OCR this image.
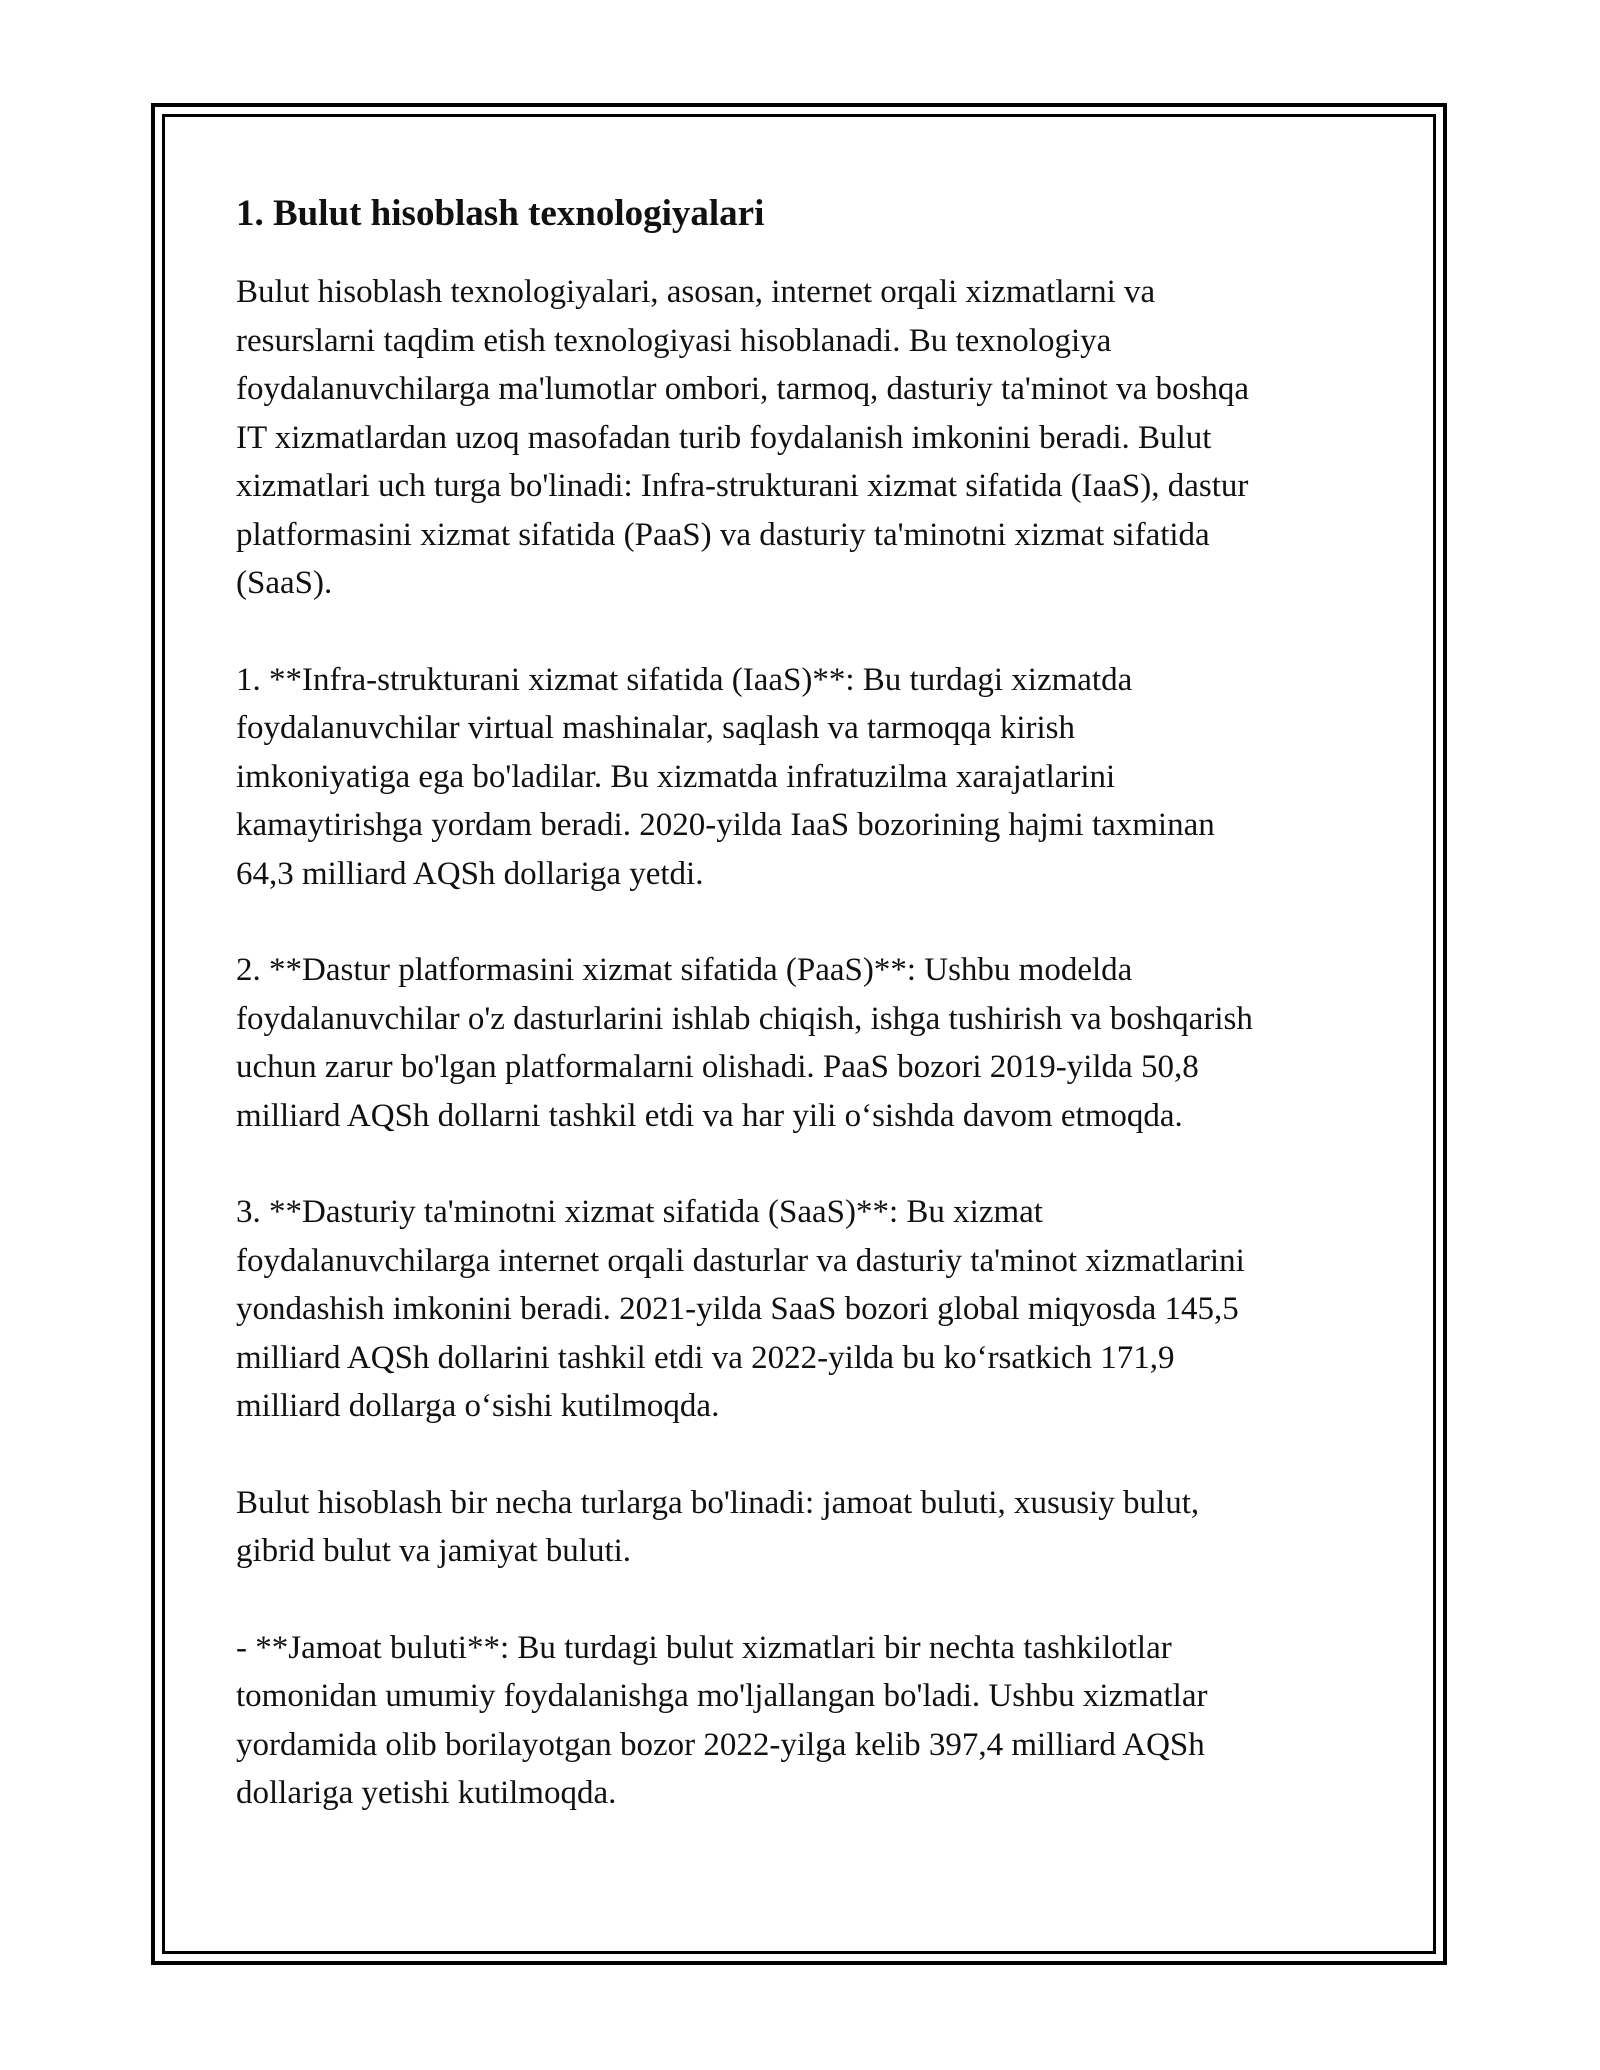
1. Bulut hisoblash texnologiyalari

Bulut hisoblash texnologiyalari, asosan, internet orqali xizmatlarni va
resurslarni taqdim etish texnologiyasi hisoblanadi. Bu texnologiya
foydalanuvchilarga ma'lumotlar ombori, tarmoq, dasturiy ta'minot va boshqa
IT xizmatlardan uzoq masofadan turib foydalanish imkonini beradi. Bulut
xizmatlari uch turga bo'linadi: Infra-strukturani xizmat sifatida (IaaS), dastur
platformasini xizmat sifatida (PaaS) va dasturiy ta'minotni xizmat sifatida
(SaaS).

1. **Infra-strukturani xizmat sifatida (IaaS)**: Bu turdagi xizmatda
foydalanuvchilar virtual mashinalar, saqlash va tarmoqqa kirish
imkoniyatiga ega bo'ladilar. Bu xizmatda infratuzilma xarajatlarini
kamaytirishga yordam beradi. 2020-yilda IaaS bozorining hajmi taxminan
64,3 milliard AQSh dollariga yetdi.

2. **Dastur platformasini xizmat sifatida (PaaS)**: Ushbu modelda
foydalanuvchilar o'z dasturlarini ishlab chiqish, ishga tushirish va boshqarish
uchun zarur bo'lgan platformalarni olishadi. PaaS bozori 2019-yilda 50,8
milliard AQSh dollarni tashkil etdi va har yili o‘sishda davom etmoqda.

3. **Dasturiy ta'minotni xizmat sifatida (SaaS)**: Bu xizmat
foydalanuvchilarga internet orqali dasturlar va dasturiy ta'minot xizmatlarini
yondashish imkonini beradi. 2021-yilda SaaS bozori global miqyosda 145,5
milliard AQSh dollarini tashkil etdi va 2022-yilda bu ko‘rsatkich 171,9
milliard dollarga o‘sishi kutilmoqda.

Bulut hisoblash bir necha turlarga bo'linadi: jamoat buluti, xususiy bulut,
gibrid bulut va jamiyat buluti.

- **Jamoat buluti**: Bu turdagi bulut xizmatlari bir nechta tashkilotlar
tomonidan umumiy foydalanishga mo'ljallangan bo'ladi. Ushbu xizmatlar
yordamida olib borilayotgan bozor 2022-yilga kelib 397,4 milliard AQSh
dollariga yetishi kutilmoqda.
